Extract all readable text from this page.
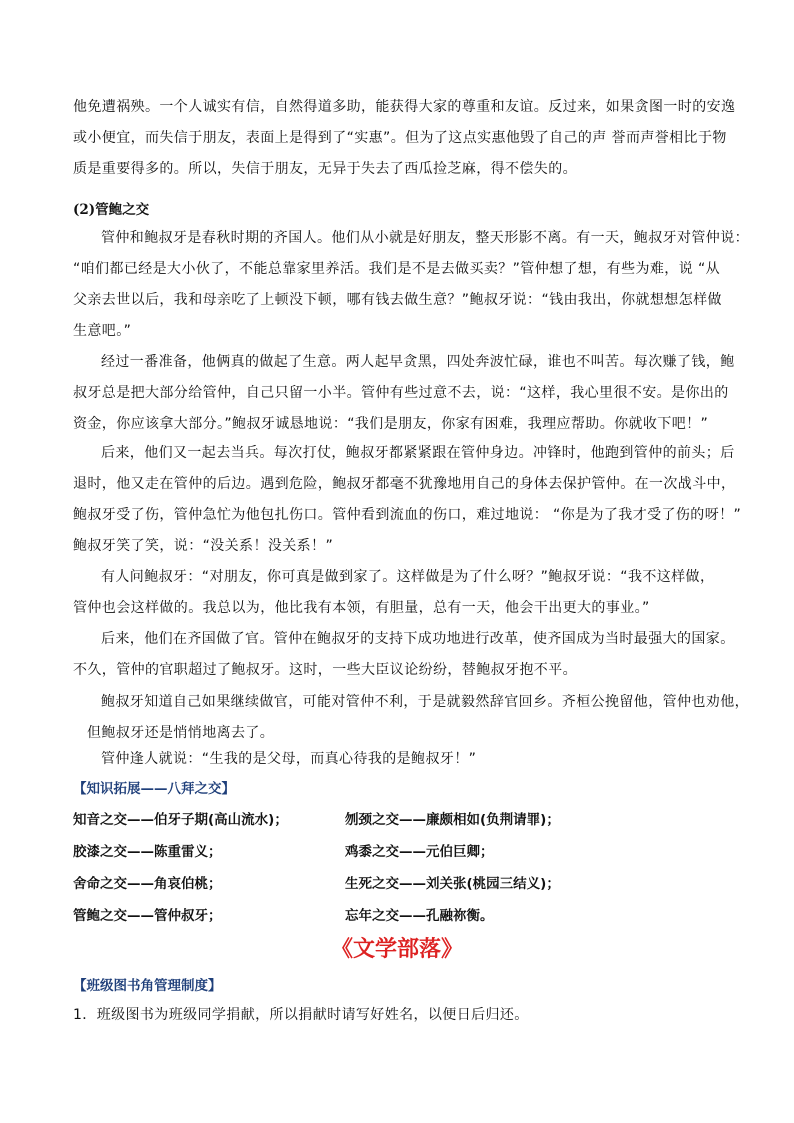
他免遭祸殃。一个人诚实有信，自然得道多助，能获得大家的尊重和友谊。反过来，如果贪图一时的安逸
或小便宜，而失信于朋友，表面上是得到了“实惠”。但为了这点实惠他毁了自己的声 誉而声誉相比于物
质是重要得多的。所以，失信于朋友，无异于失去了西瓜捡芝麻，得不偿失的。
(2)管鲍之交
管仲和鲍叔牙是春秋时期的齐国人。他们从小就是好朋友，整天形影不离。有一天，鲍叔牙对管仲说：
“咱们都已经是大小伙了，不能总靠家里养活。我们是不是去做买卖？”管仲想了想，有些为难，说 “从
父亲去世以后，我和母亲吃了上顿没下顿，哪有钱去做生意？”鲍叔牙说：“钱由我出，你就想想怎样做
生意吧。”
经过一番准备，他俩真的做起了生意。两人起早贪黑，四处奔波忙碌，谁也不叫苦。每次赚了钱，鲍
叔牙总是把大部分给管仲，自己只留一小半。管仲有些过意不去，说：“这样，我心里很不安。是你出的
资金，你应该拿大部分。”鲍叔牙诚恳地说：“我们是朋友，你家有困难，我理应帮助。你就收下吧！”
后来，他们又一起去当兵。每次打仗，鲍叔牙都紧紧跟在管仲身边。冲锋时，他跑到管仲的前头；后
退时，他又走在管仲的后边。遇到危险，鲍叔牙都毫不犹豫地用自己的身体去保护管仲。在一次战斗中，
鲍叔牙受了伤，管仲急忙为他包扎伤口。管仲看到流血的伤口，难过地说： “你是为了我才受了伤的呀！”
鲍叔牙笑了笑，说：“没关系！没关系！”
有人问鲍叔牙：“对朋友，你可真是做到家了。这样做是为了什么呀？”鲍叔牙说：“我不这样做，
管仲也会这样做的。我总以为，他比我有本领，有胆量，总有一天，他会干出更大的事业。”
后来，他们在齐国做了官。管仲在鲍叔牙的支持下成功地进行改革，使齐国成为当时最强大的国家。
不久，管仲的官职超过了鲍叔牙。这时，一些大臣议论纷纷，替鲍叔牙抱不平。
鲍叔牙知道自己如果继续做官，可能对管仲不利，于是就毅然辞官回乡。齐桓公挽留他，管仲也劝他，
但鲍叔牙还是悄悄地离去了。
管仲逢人就说：“生我的是父母，而真心待我的是鲍叔牙！”
【知识拓展——八拜之交】
知音之交——伯牙子期(高山流水)；	刎颈之交——廉颇相如(负荆请罪)；
胶漆之交——陈重雷义；	鸡黍之交——元伯巨卿；
舍命之交——角哀伯桃；	生死之交——刘关张(桃园三结义)；
管鲍之交——管仲叔牙；	忘年之交——孔融祢衡。
《文学部落》
【班级图书角管理制度】
1．班级图书为班级同学捐献，所以捐献时请写好姓名，以便日后归还。
